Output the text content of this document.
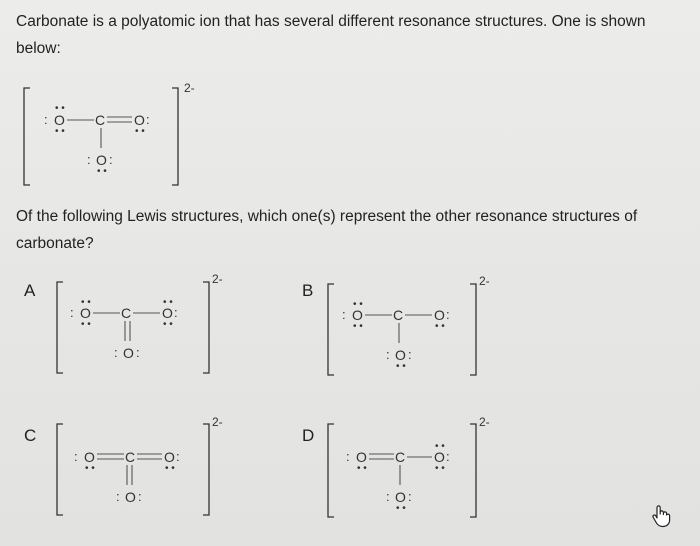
Carbonate is a polyatomic ion that has several different resonance structures. One is shown below:
2-
O
:
• •
• •
C O :
• •
O
: :
• •
Of the following Lewis structures, which one(s) represent the other resonance structures of carbonate?
A	B
C	D
2-
O
:
• •
• •
C O :
• •
• •
O
: :
2-
O
:
• •
• •
C O :
• •
O
: :
• •
2-
O
:
• •
C O :
• •
O
: :
2-
O
:
• •
C O :
• •
• •
O
: :
• •
